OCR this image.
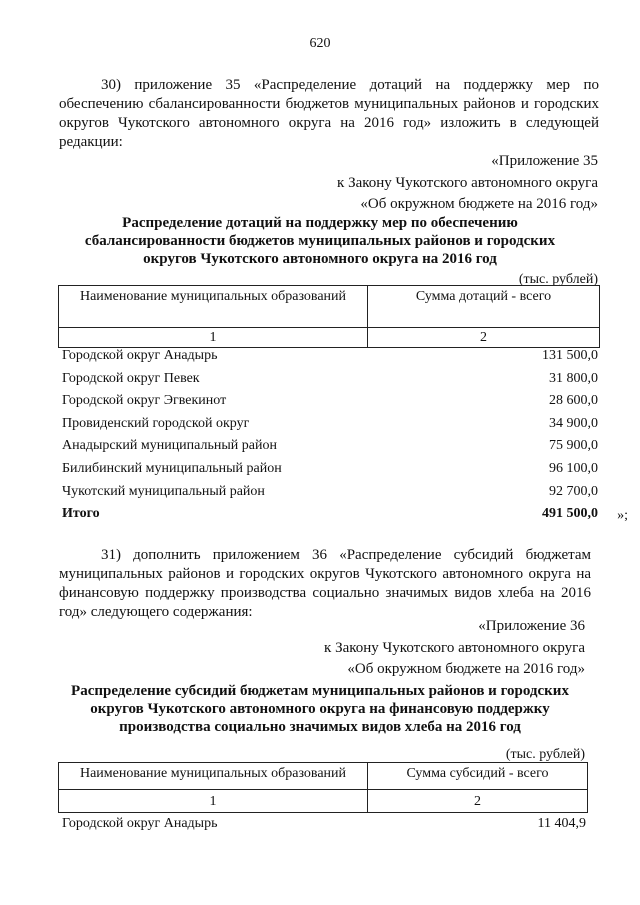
620
30) приложение 35 «Распределение дотаций на поддержку мер по
обеспечению сбалансированности бюджетов муниципальных районов и городских
округов Чукотского автономного округа на 2016 год» изложить в следующей
редакции:
«Приложение 35
к Закону Чукотского автономного округа
«Об окружном бюджете на 2016 год»
Распределение дотаций на поддержку мер по обеспечению
сбалансированности бюджетов муниципальных районов и городских
округов Чукотского автономного округа на 2016 год
(тыс. рублей)
Наименование муниципальных образований	Сумма дотаций - всего
1	2
Городской округ Анадырь	131 500,0
Городской округ Певек	31 800,0
Городской округ Эгвекинот	28 600,0
Провиденский городской округ	34 900,0
Анадырский муниципальный район	75 900,0
Билибинский муниципальный район	96 100,0
Чукотский муниципальный район	92 700,0
Итого	491 500,0 »;
31) дополнить приложением 36 «Распределение субсидий бюджетам
муниципальных районов и городских округов Чукотского автономного округа на
финансовую поддержку производства социально значимых видов хлеба на 2016
год» следующего содержания:
«Приложение 36
к Закону Чукотского автономного округа
«Об окружном бюджете на 2016 год»
Распределение субсидий бюджетам муниципальных районов и городских
округов Чукотского автономного округа на финансовую поддержку
производства социально значимых видов хлеба на 2016 год
(тыс. рублей)
Наименование муниципальных образований	Сумма субсидий - всего
1	2
Городской округ Анадырь	11 404,9
